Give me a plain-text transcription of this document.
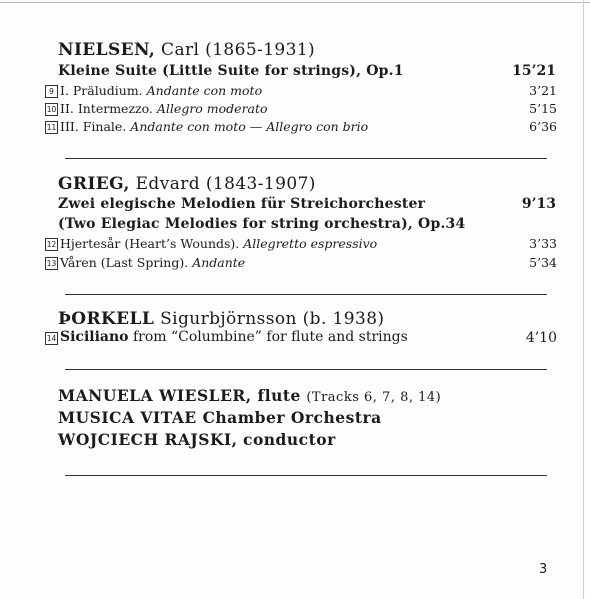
NIELSEN, Carl (1865-1931)
Kleine Suite (Little Suite for strings), Op.1	15’21
9 I. Präludium. Andante con moto	3’21
10 II. Intermezzo. Allegro moderato	5’15
11 III. Finale. Andante con moto — Allegro con brio	6’36
GRIEG, Edvard (1843-1907)
Zwei elegische Melodien für Streichorchester	9’13
(Two Elegiac Melodies for string orchestra), Op.34
12 Hjertesår (Heart’s Wounds). Allegretto espressivo	3’33
13 Våren (Last Spring). Andante	5’34
ÞORKELL Sigurbjörnsson (b. 1938)
14 Siciliano from “Columbine” for flute and strings	4’10
MANUELA WIESLER, flute (Tracks 6, 7, 8, 14)
MUSICA VITAE Chamber Orchestra
WOJCIECH RAJSKI, conductor
3
